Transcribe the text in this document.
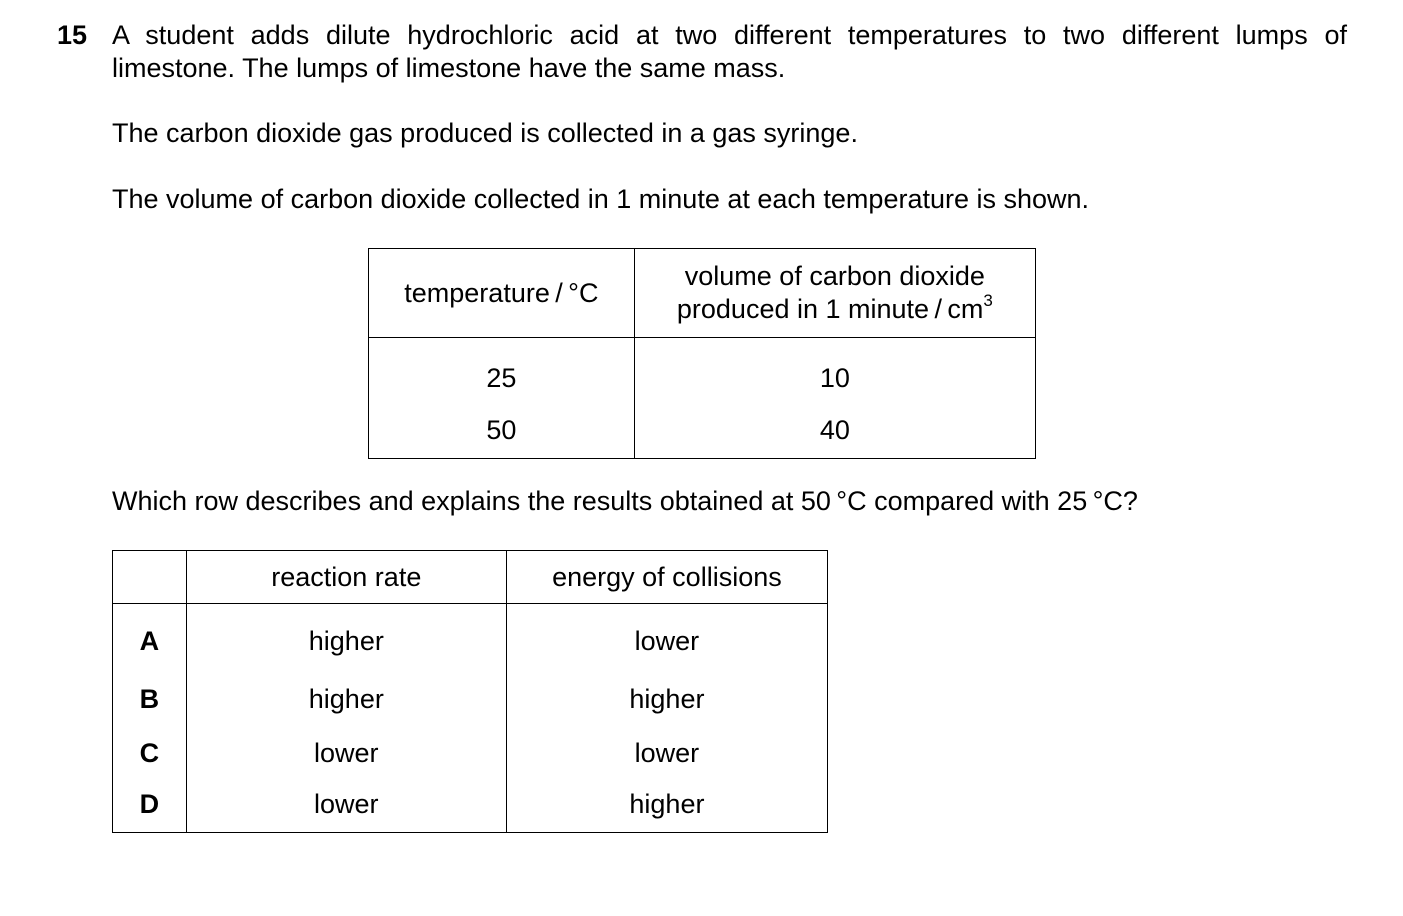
15 A student adds dilute hydrochloric acid at two different temperatures to two different lumps of limestone. The lumps of limestone have the same mass.
The carbon dioxide gas produced is collected in a gas syringe.
The volume of carbon dioxide collected in 1 minute at each temperature is shown.
temperature / °C	volume of carbon dioxide
produced in 1 minute / $cm^3$
25	10
50	40
Which row describes and explains the results obtained at 50 °C compared with 25 °C?
	reaction rate	energy of collisions
A	higher	lower
B	higher	higher
C	lower	lower
D	lower	higher
